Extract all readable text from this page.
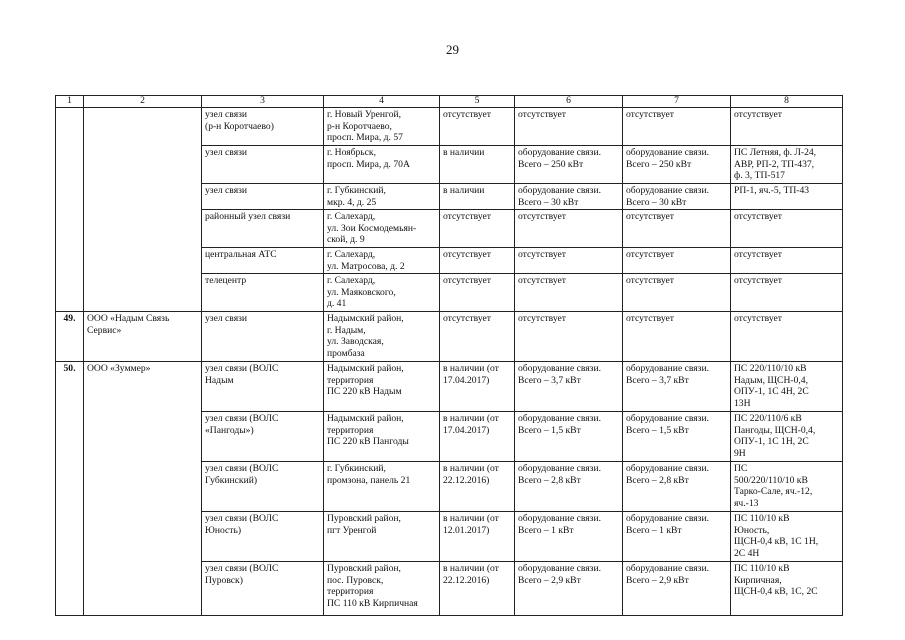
29
1	2	3	4	5	6	7	8
		узел связи
(р-н Коротчаево)	г. Новый Уренгой,
р-н Коротчаево,
просп. Мира, д. 57	отсутствует	отсутствует	отсутствует	отсутствует
		узел связи	г. Ноябрьск,
просп. Мира, д. 70А	в наличии	оборудование связи.
Всего – 250 кВт	оборудование связи.
Всего – 250 кВт	ПС Летняя, ф. Л-24,
АВР, РП-2, ТП-437,
ф. 3, ТП-517
		узел связи	г. Губкинский,
мкр. 4, д. 25	в наличии	оборудование связи.
Всего – 30 кВт	оборудование связи.
Всего – 30 кВт	РП-1, яч.-5, ТП-43
		районный узел связи	г. Салехард,
ул. Зои Космодемьян-
ской, д. 9	отсутствует	отсутствует	отсутствует	отсутствует
		центральная АТС	г. Салехард,
ул. Матросова, д. 2	отсутствует	отсутствует	отсутствует	отсутствует
		телецентр	г. Салехард,
ул. Маяковского,
д. 41	отсутствует	отсутствует	отсутствует	отсутствует
49.	ООО «Надым Связь
Сервис»	узел связи	Надымский район,
г. Надым,
ул. Заводская,
промбаза	отсутствует	отсутствует	отсутствует	отсутствует
50.	ООО «Зуммер»	узел связи (ВОЛС
Надым	Надымский район,
территория
ПС 220 кВ Надым	в наличии (от
17.04.2017)	оборудование связи.
Всего – 3,7 кВт	оборудование связи.
Всего – 3,7 кВт	ПС 220/110/10 кВ
Надым, ЩСН-0,4,
ОПУ-1, 1С 4Н, 2С
13Н
		узел связи (ВОЛС
«Пангоды»)	Надымский район,
территория
ПС 220 кВ Пангоды	в наличии (от
17.04.2017)	оборудование связи.
Всего – 1,5 кВт	оборудование связи.
Всего – 1,5 кВт	ПС 220/110/6 кВ
Пангоды, ЩСН-0,4,
ОПУ-1, 1С 1Н, 2С
9Н
		узел связи (ВОЛС
Губкинский)	г. Губкинский,
промзона, панель 21	в наличии (от
22.12.2016)	оборудование связи.
Всего – 2,8 кВт	оборудование связи.
Всего – 2,8 кВт	ПС
500/220/110/10 кВ
Тарко-Сале, яч.-12,
яч.-13
		узел связи (ВОЛС
Юность)	Пуровский район,
пгт Уренгой	в наличии (от
12.01.2017)	оборудование связи.
Всего – 1 кВт	оборудование связи.
Всего – 1 кВт	ПС 110/10 кВ
Юность,
ЩСН-0,4 кВ, 1С 1Н,
2С 4Н
		узел связи (ВОЛС
Пуровск)	Пуровский район,
пос. Пуровск,
территория
ПС 110 кВ Кирпичная	в наличии (от
22.12.2016)	оборудование связи.
Всего – 2,9 кВт	оборудование связи.
Всего – 2,9 кВт	ПС 110/10 кВ
Кирпичная,
ЩСН-0,4 кВ, 1С, 2С
